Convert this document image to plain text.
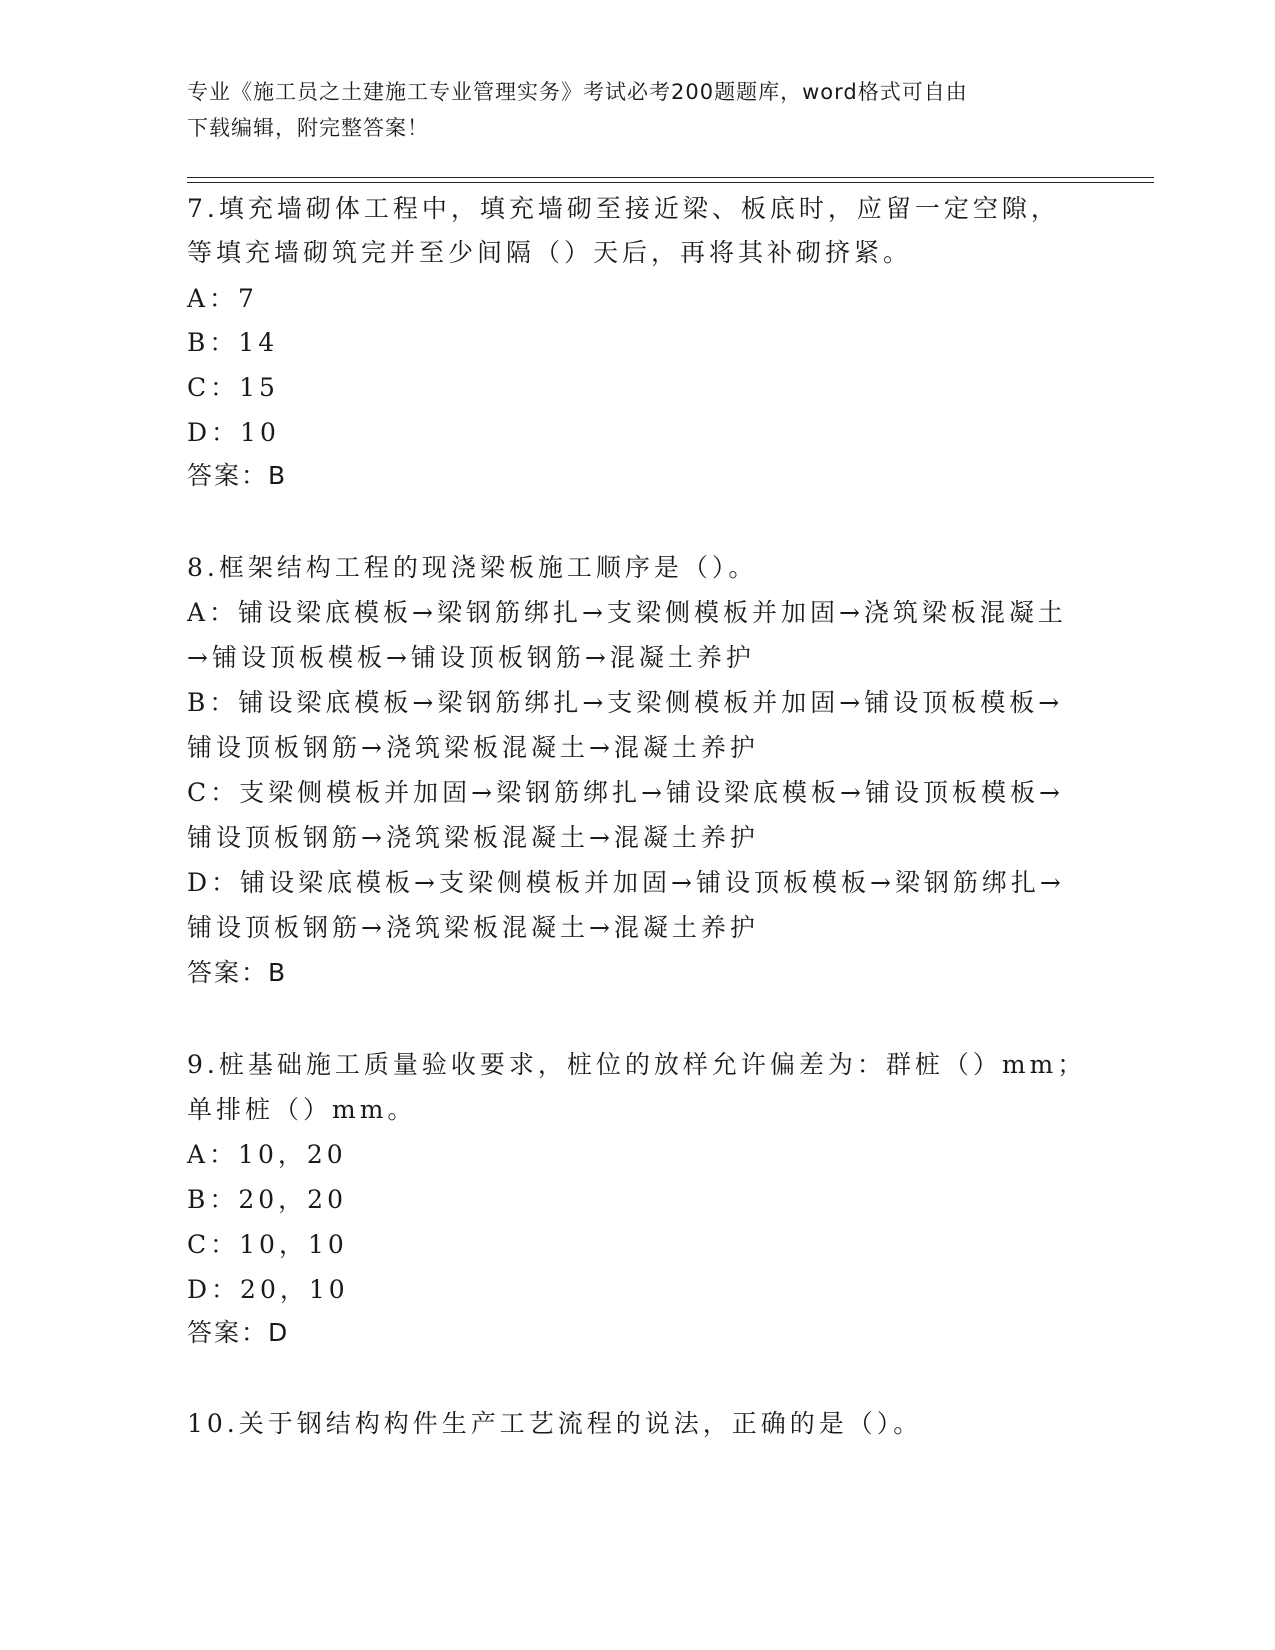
专业《施工员之土建施工专业管理实务》考试必考200题题库，word格式可自由
下载编辑，附完整答案！
7.填充墙砌体工程中，填充墙砌至接近梁、板底时，应留一定空隙，
等填充墙砌筑完并至少间隔（）天后，再将其补砌挤紧。
A：7
B：14
C：15
D：10
答案：B
8.框架结构工程的现浇梁板施工顺序是（）。
A：铺设梁底模板→梁钢筋绑扎→支梁侧模板并加固→浇筑梁板混凝土
→铺设顶板模板→铺设顶板钢筋→混凝土养护
B：铺设梁底模板→梁钢筋绑扎→支梁侧模板并加固→铺设顶板模板→
铺设顶板钢筋→浇筑梁板混凝土→混凝土养护
C：支梁侧模板并加固→梁钢筋绑扎→铺设梁底模板→铺设顶板模板→
铺设顶板钢筋→浇筑梁板混凝土→混凝土养护
D：铺设梁底模板→支梁侧模板并加固→铺设顶板模板→梁钢筋绑扎→
铺设顶板钢筋→浇筑梁板混凝土→混凝土养护
答案：B
9.桩基础施工质量验收要求，桩位的放样允许偏差为：群桩（）mm；
单排桩（）mm。
A：10，20
B：20，20
C：10，10
D：20，10
答案：D
10.关于钢结构构件生产工艺流程的说法，正确的是（）。
